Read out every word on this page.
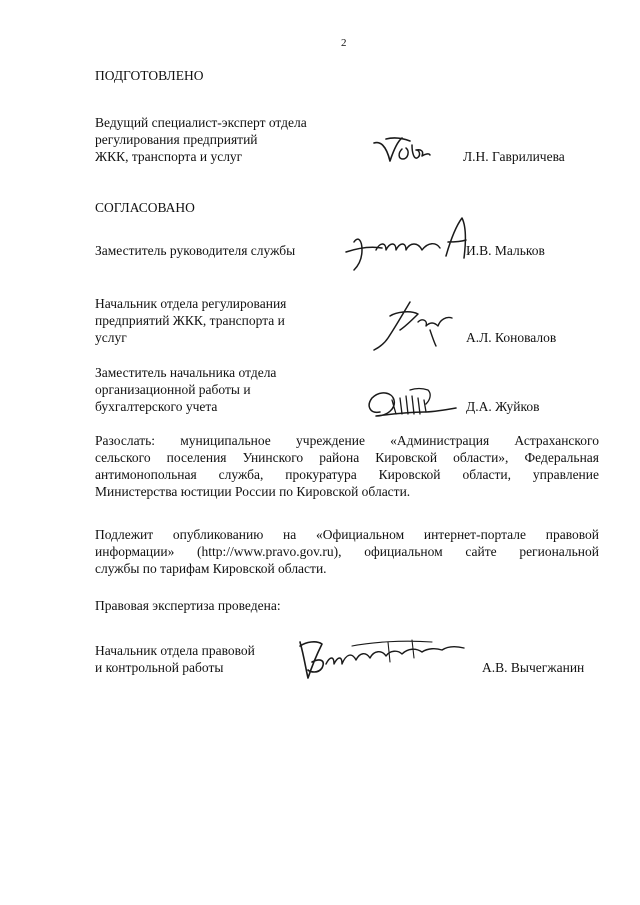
2
ПОДГОТОВЛЕНО
Ведущий специалист-эксперт отдела
регулирования предприятий
ЖКК, транспорта и услуг	Л.Н. Гавриличева
СОГЛАСОВАНО
Заместитель руководителя службы	И.В. Мальков
Начальник отдела регулирования
предприятий ЖКК, транспорта и
услуг	А.Л. Коновалов
Заместитель начальника отдела
организационной работы и
бухгалтерского учета	Д.А. Жуйков
Разослать: муниципальное учреждение «Администрация Астраханского
сельского поселения Унинского района Кировской области», Федеральная
антимонопольная служба, прокуратура Кировской области, управление
Министерства юстиции России по Кировской области.
Подлежит опубликованию на «Официальном интернет-портале правовой
информации» (http://www.pravo.gov.ru), официальном сайте региональной
службы по тарифам Кировской области.
Правовая экспертиза проведена:
Начальник отдела правовой
и контрольной работы	А.В. Вычегжанин
